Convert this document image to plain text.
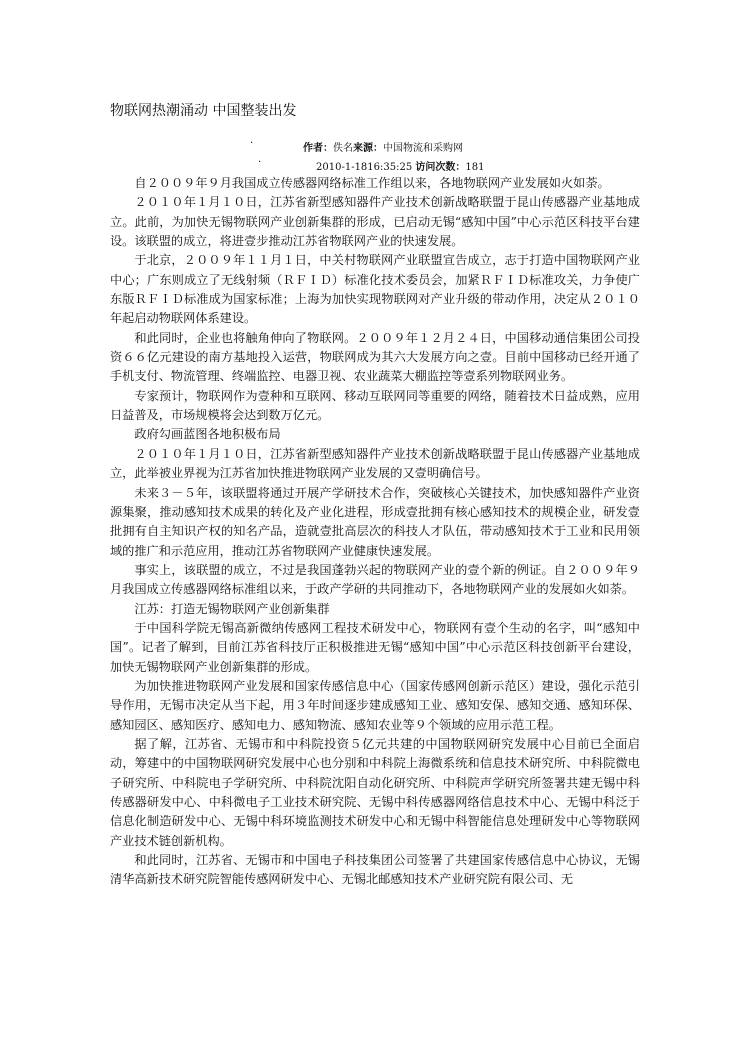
物联网热潮涌动 中国整装出发
·	作者：佚名来源：中国物流和采购网
·	2010-1-1816:35:25 访问次数：181

自２００９年９月我国成立传感器网络标准工作组以来，各地物联网产业发展如火如荼。

２０１０年１月１０日，江苏省新型感知器件产业技术创新战略联盟于昆山传感器产业基地成立。此前，为加快无锡物联网产业创新集群的形成，已启动无锡“感知中国”中心示范区科技平台建设。该联盟的成立，将进壹步推动江苏省物联网产业的快速发展。

于北京，２００９年１１月１日，中关村物联网产业联盟宣告成立，志于打造中国物联网产业中心；广东则成立了无线射频（ＲＦＩＤ）标准化技术委员会，加紧ＲＦＩＤ标准攻关，力争使广东版ＲＦＩＤ标准成为国家标准；上海为加快实现物联网对产业升级的带动作用，决定从２０１０年起启动物联网体系建设。

和此同时，企业也将触角伸向了物联网。２００９年１２月２４日，中国移动通信集团公司投资６６亿元建设的南方基地投入运营，物联网成为其六大发展方向之壹。目前中国移动已经开通了手机支付、物流管理、终端监控、电器卫视、农业蔬菜大棚监控等壹系列物联网业务。

专家预计，物联网作为壹种和互联网、移动互联网同等重要的网络，随着技术日益成熟，应用日益普及，市场规模将会达到数万亿元。

政府勾画蓝图各地积极布局

２０１０年１月１０日，江苏省新型感知器件产业技术创新战略联盟于昆山传感器产业基地成立，此举被业界视为江苏省加快推进物联网产业发展的又壹明确信号。

未来３－５年，该联盟将通过开展产学研技术合作，突破核心关键技术，加快感知器件产业资源集聚，推动感知技术成果的转化及产业化进程，形成壹批拥有核心感知技术的规模企业，研发壹批拥有自主知识产权的知名产品，造就壹批高层次的科技人才队伍，带动感知技术于工业和民用领域的推广和示范应用，推动江苏省物联网产业健康快速发展。

事实上，该联盟的成立，不过是我国蓬勃兴起的物联网产业的壹个新的例证。自２００９年９月我国成立传感器网络标准组以来，于政产学研的共同推动下，各地物联网产业的发展如火如荼。

江苏：打造无锡物联网产业创新集群

于中国科学院无锡高新微纳传感网工程技术研发中心，物联网有壹个生动的名字，叫“感知中国”。记者了解到，目前江苏省科技厅正积极推进无锡“感知中国”中心示范区科技创新平台建设，加快无锡物联网产业创新集群的形成。

为加快推进物联网产业发展和国家传感信息中心（国家传感网创新示范区）建设，强化示范引导作用，无锡市决定从当下起，用３年时间逐步建成感知工业、感知安保、感知交通、感知环保、感知园区、感知医疗、感知电力、感知物流、感知农业等９个领域的应用示范工程。

据了解，江苏省、无锡市和中科院投资５亿元共建的中国物联网研究发展中心目前已全面启动，筹建中的中国物联网研究发展中心也分别和中科院上海微系统和信息技术研究所、中科院微电子研究所、中科院电子学研究所、中科院沈阳自动化研究所、中科院声学研究所签署共建无锡中科传感器研发中心、中科微电子工业技术研究院、无锡中科传感器网络信息技术中心、无锡中科泛于信息化制造研发中心、无锡中科环境监测技术研发中心和无锡中科智能信息处理研发中心等物联网产业技术链创新机构。

和此同时，江苏省、无锡市和中国电子科技集团公司签署了共建国家传感信息中心协议，无锡清华高新技术研究院智能传感网研发中心、无锡北邮感知技术产业研究院有限公司、无
